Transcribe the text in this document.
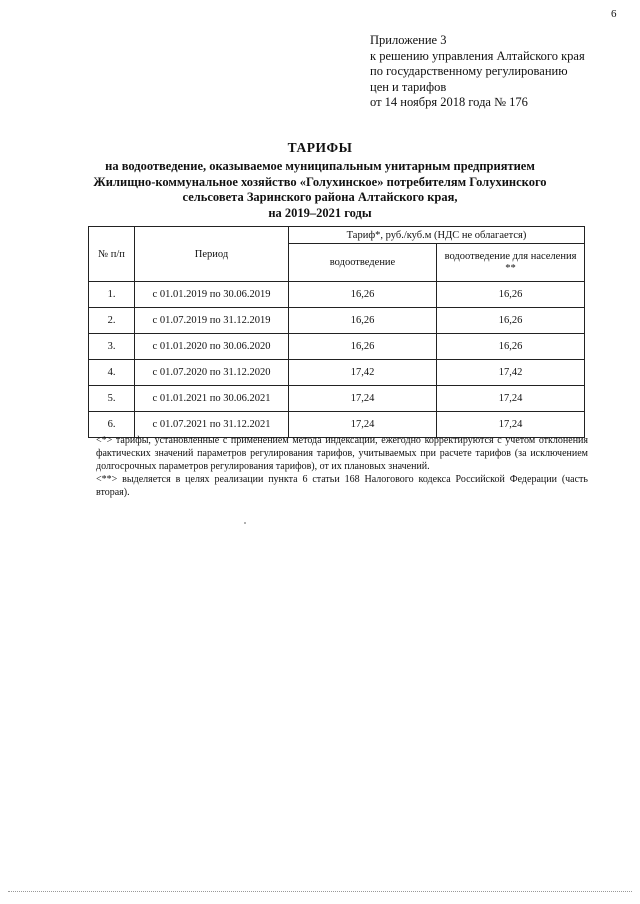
6
Приложение 3
к решению управления Алтайского края
по государственному регулированию
цен и тарифов
от 14 ноября 2018 года № 176
ТАРИФЫ
на водоотведение, оказываемое муниципальным унитарным предприятием
Жилищно-коммунальное хозяйство «Голухинское» потребителям Голухинского
сельсовета Заринского района Алтайского края,
на 2019–2021 годы
№ п/п	Период	Тариф*, руб./куб.м (НДС не облагается)	
		водоотведение	водоотведение для населения **
1.	с 01.01.2019 по 30.06.2019	16,26	16,26
2.	с 01.07.2019 по 31.12.2019	16,26	16,26
3.	с 01.01.2020 по 30.06.2020	16,26	16,26
4.	с 01.07.2020 по 31.12.2020	17,42	17,42
5.	с 01.01.2021 по 30.06.2021	17,24	17,24
6.	с 01.07.2021 по 31.12.2021	17,24	17,24

<*> тарифы, установленные с применением метода индексации, ежегодно корректируются с учетом отклонения фактических значений параметров регулирования тарифов, учитываемых при расчете тарифов (за исключением долгосрочных параметров регулирования тарифов), от их плановых значений.

<**> выделяется в целях реализации пункта 6 статьи 168 Налогового кодекса Российской Федерации (часть вторая).
